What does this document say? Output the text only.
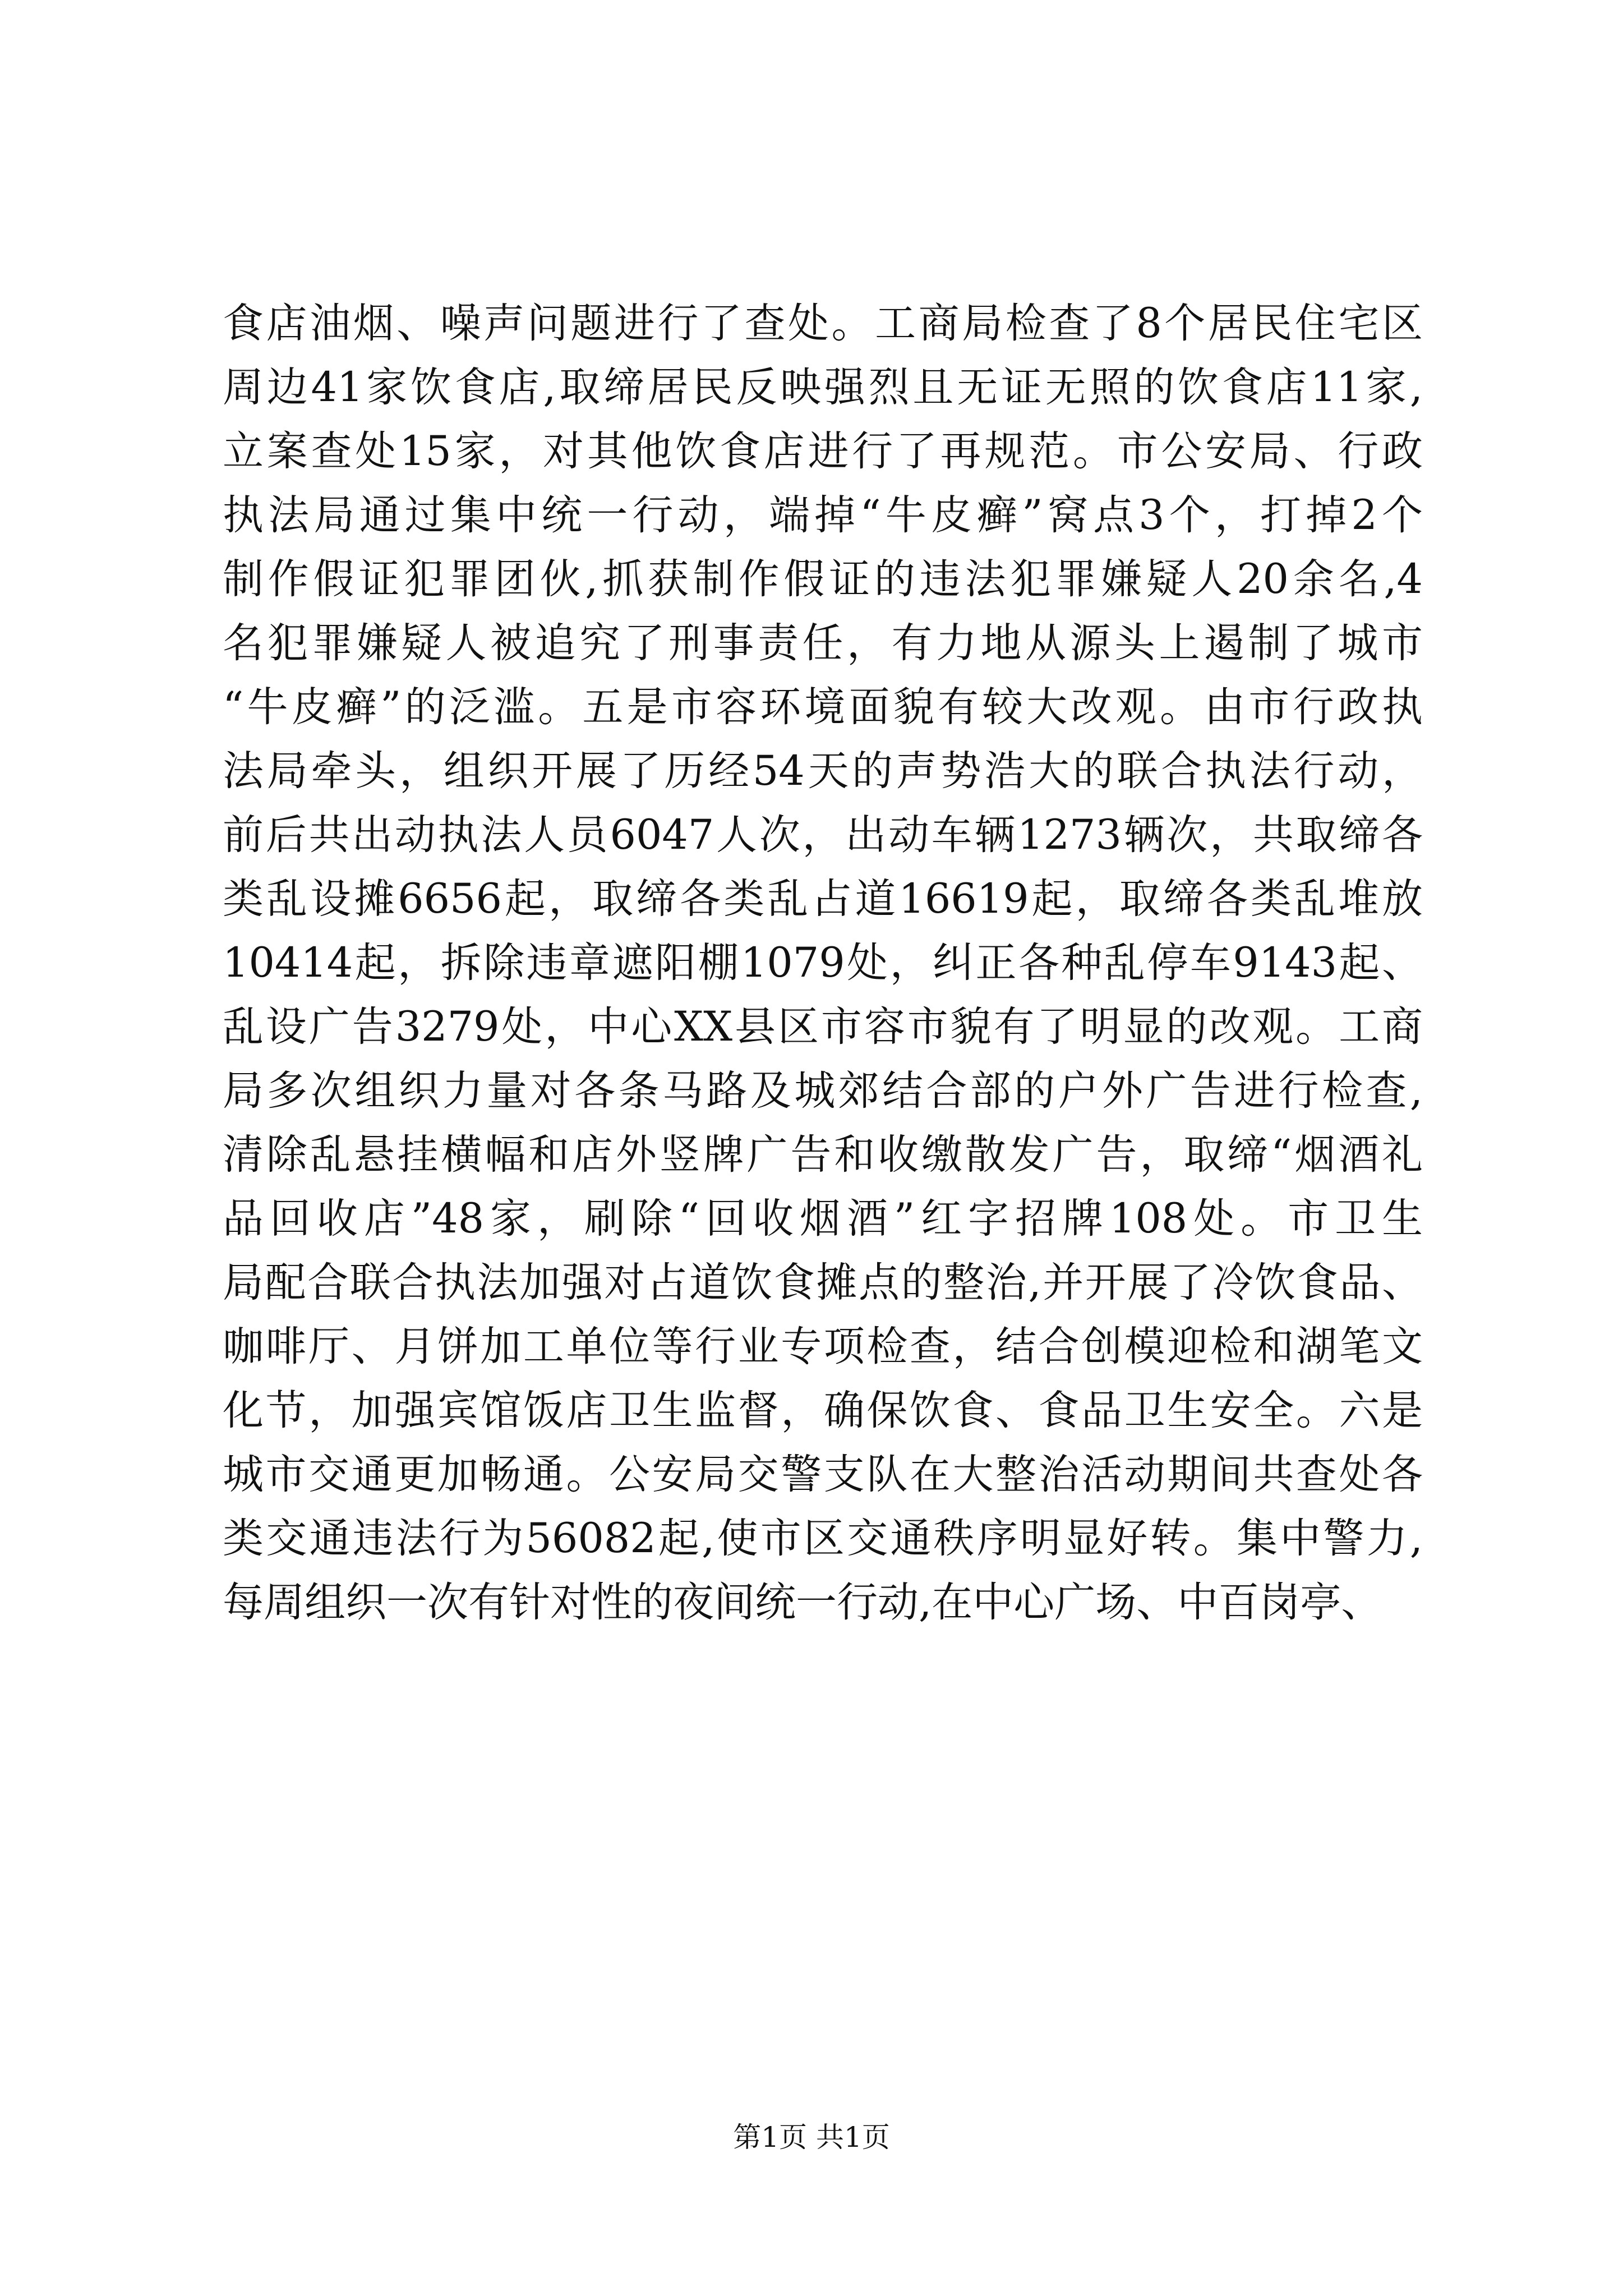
食店油烟、噪声问题进行了查处。工商局检查了8个居民住宅区
周边41家饮食店,取缔居民反映强烈且无证无照的饮食店11家,
立案查处15家，对其他饮食店进行了再规范。市公安局、行政
执法局通过集中统一行动，端掉“牛皮癣”窝点3个，打掉2个
制作假证犯罪团伙,抓获制作假证的违法犯罪嫌疑人20余名,4
名犯罪嫌疑人被追究了刑事责任，有力地从源头上遏制了城市
“牛皮癣”的泛滥。五是市容环境面貌有较大改观。由市行政执
法局牵头，组织开展了历经54天的声势浩大的联合执法行动，
前后共出动执法人员6047人次，出动车辆1273辆次，共取缔各
类乱设摊6656起，取缔各类乱占道16619起，取缔各类乱堆放
10414起，拆除违章遮阳棚1079处，纠正各种乱停车9143起、
乱设广告3279处，中心XX县区市容市貌有了明显的改观。工商
局多次组织力量对各条马路及城郊结合部的户外广告进行检查,
清除乱悬挂横幅和店外竖牌广告和收缴散发广告，取缔“烟酒礼
品回收店”48家，刷除“回收烟酒”红字招牌108处。市卫生
局配合联合执法加强对占道饮食摊点的整治,并开展了冷饮食品、
咖啡厅、月饼加工单位等行业专项检查，结合创模迎检和湖笔文
化节，加强宾馆饭店卫生监督，确保饮食、食品卫生安全。六是
城市交通更加畅通。公安局交警支队在大整治活动期间共查处各
类交通违法行为56082起,使市区交通秩序明显好转。集中警力,
每周组织一次有针对性的夜间统一行动,在中心广场、中百岗亭、
第1页 共1页
